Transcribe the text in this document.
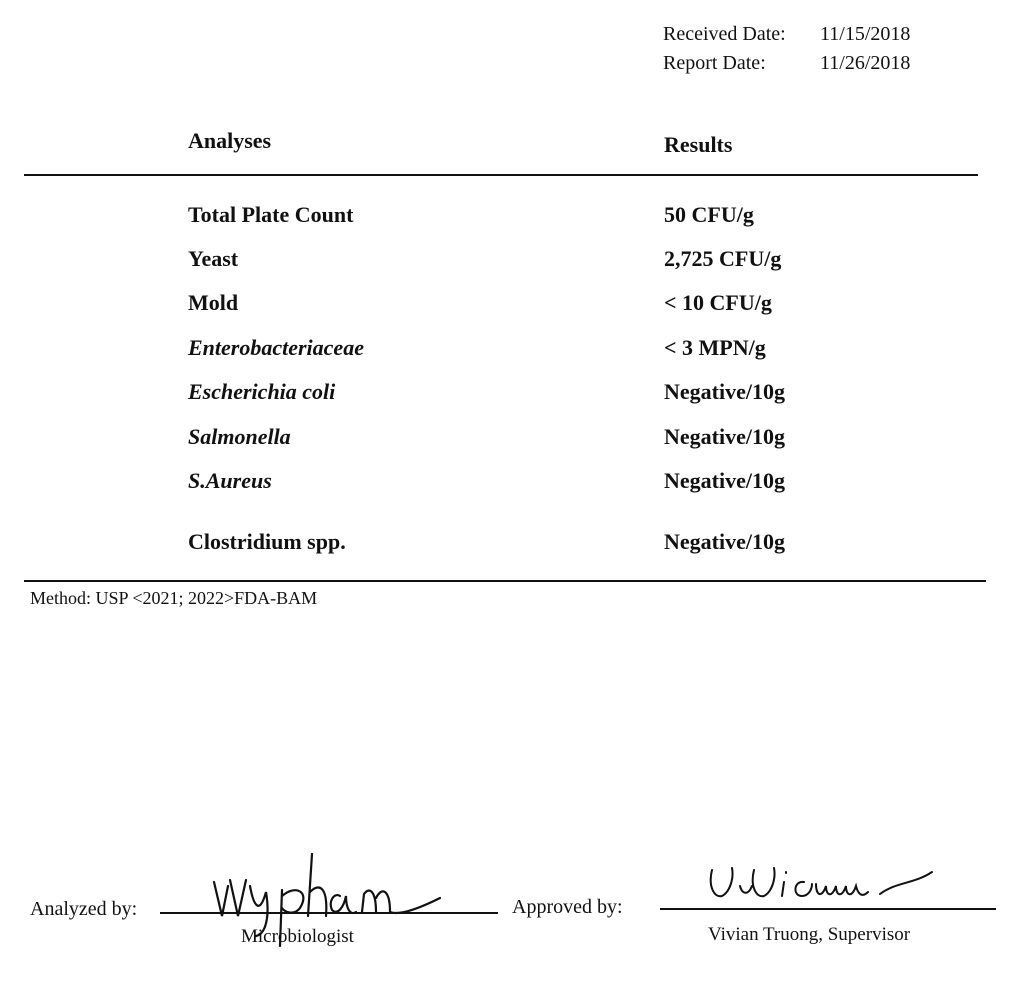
Received Date:	11/15/2018
Report Date:	11/26/2018
Analyses	Results
Total Plate Count	50 CFU/g
Yeast	2,725 CFU/g
Mold	< 10 CFU/g
Enterobacteriaceae	< 3 MPN/g
Escherichia coli	Negative/10g
Salmonella	Negative/10g
S.Aureus	Negative/10g
Clostridium spp.	Negative/10g
Method: USP <2021; 2022>FDA-BAM
Analyzed by:
Microbiologist
Approved by:
Vivian Truong, Supervisor
